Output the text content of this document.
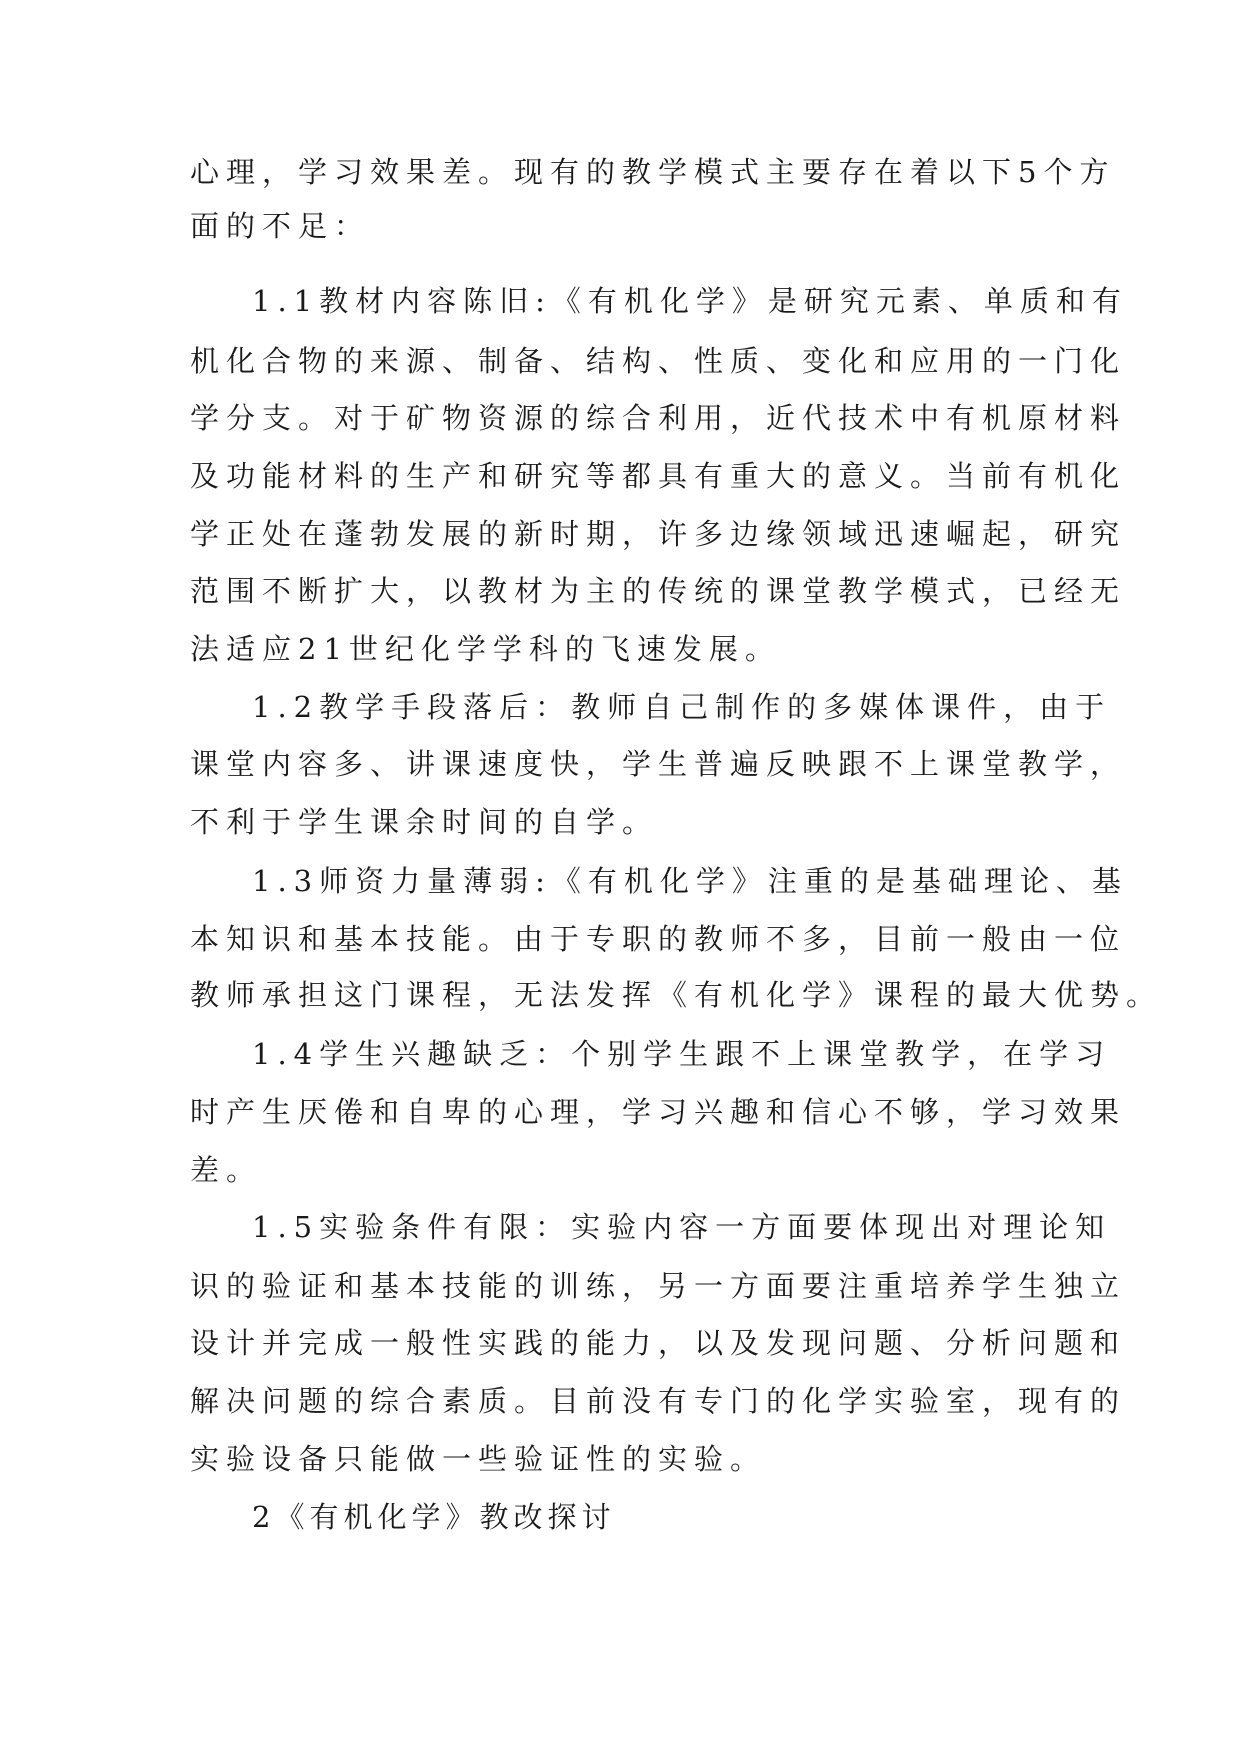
心理，学习效果差。现有的教学模式主要存在着以下5个方
面的不足：
1.1教材内容陈旧:《有机化学》是研究元素、单质和有
机化合物的来源、制备、结构、性质、变化和应用的一门化
学分支。对于矿物资源的综合利用，近代技术中有机原材料
及功能材料的生产和研究等都具有重大的意义。当前有机化
学正处在蓬勃发展的新时期，许多边缘领域迅速崛起，研究
范围不断扩大，以教材为主的传统的课堂教学模式，已经无
法适应21世纪化学学科的飞速发展。
1.2教学手段落后：教师自己制作的多媒体课件，由于
课堂内容多、讲课速度快，学生普遍反映跟不上课堂教学，
不利于学生课余时间的自学。
1.3师资力量薄弱:《有机化学》注重的是基础理论、基
本知识和基本技能。由于专职的教师不多，目前一般由一位
教师承担这门课程，无法发挥《有机化学》课程的最大优势。
1.4学生兴趣缺乏：个别学生跟不上课堂教学，在学习
时产生厌倦和自卑的心理，学习兴趣和信心不够，学习效果
差。
1.5实验条件有限：实验内容一方面要体现出对理论知
识的验证和基本技能的训练，另一方面要注重培养学生独立
设计并完成一般性实践的能力，以及发现问题、分析问题和
解决问题的综合素质。目前没有专门的化学实验室，现有的
实验设备只能做一些验证性的实验。
2《有机化学》教改探讨
